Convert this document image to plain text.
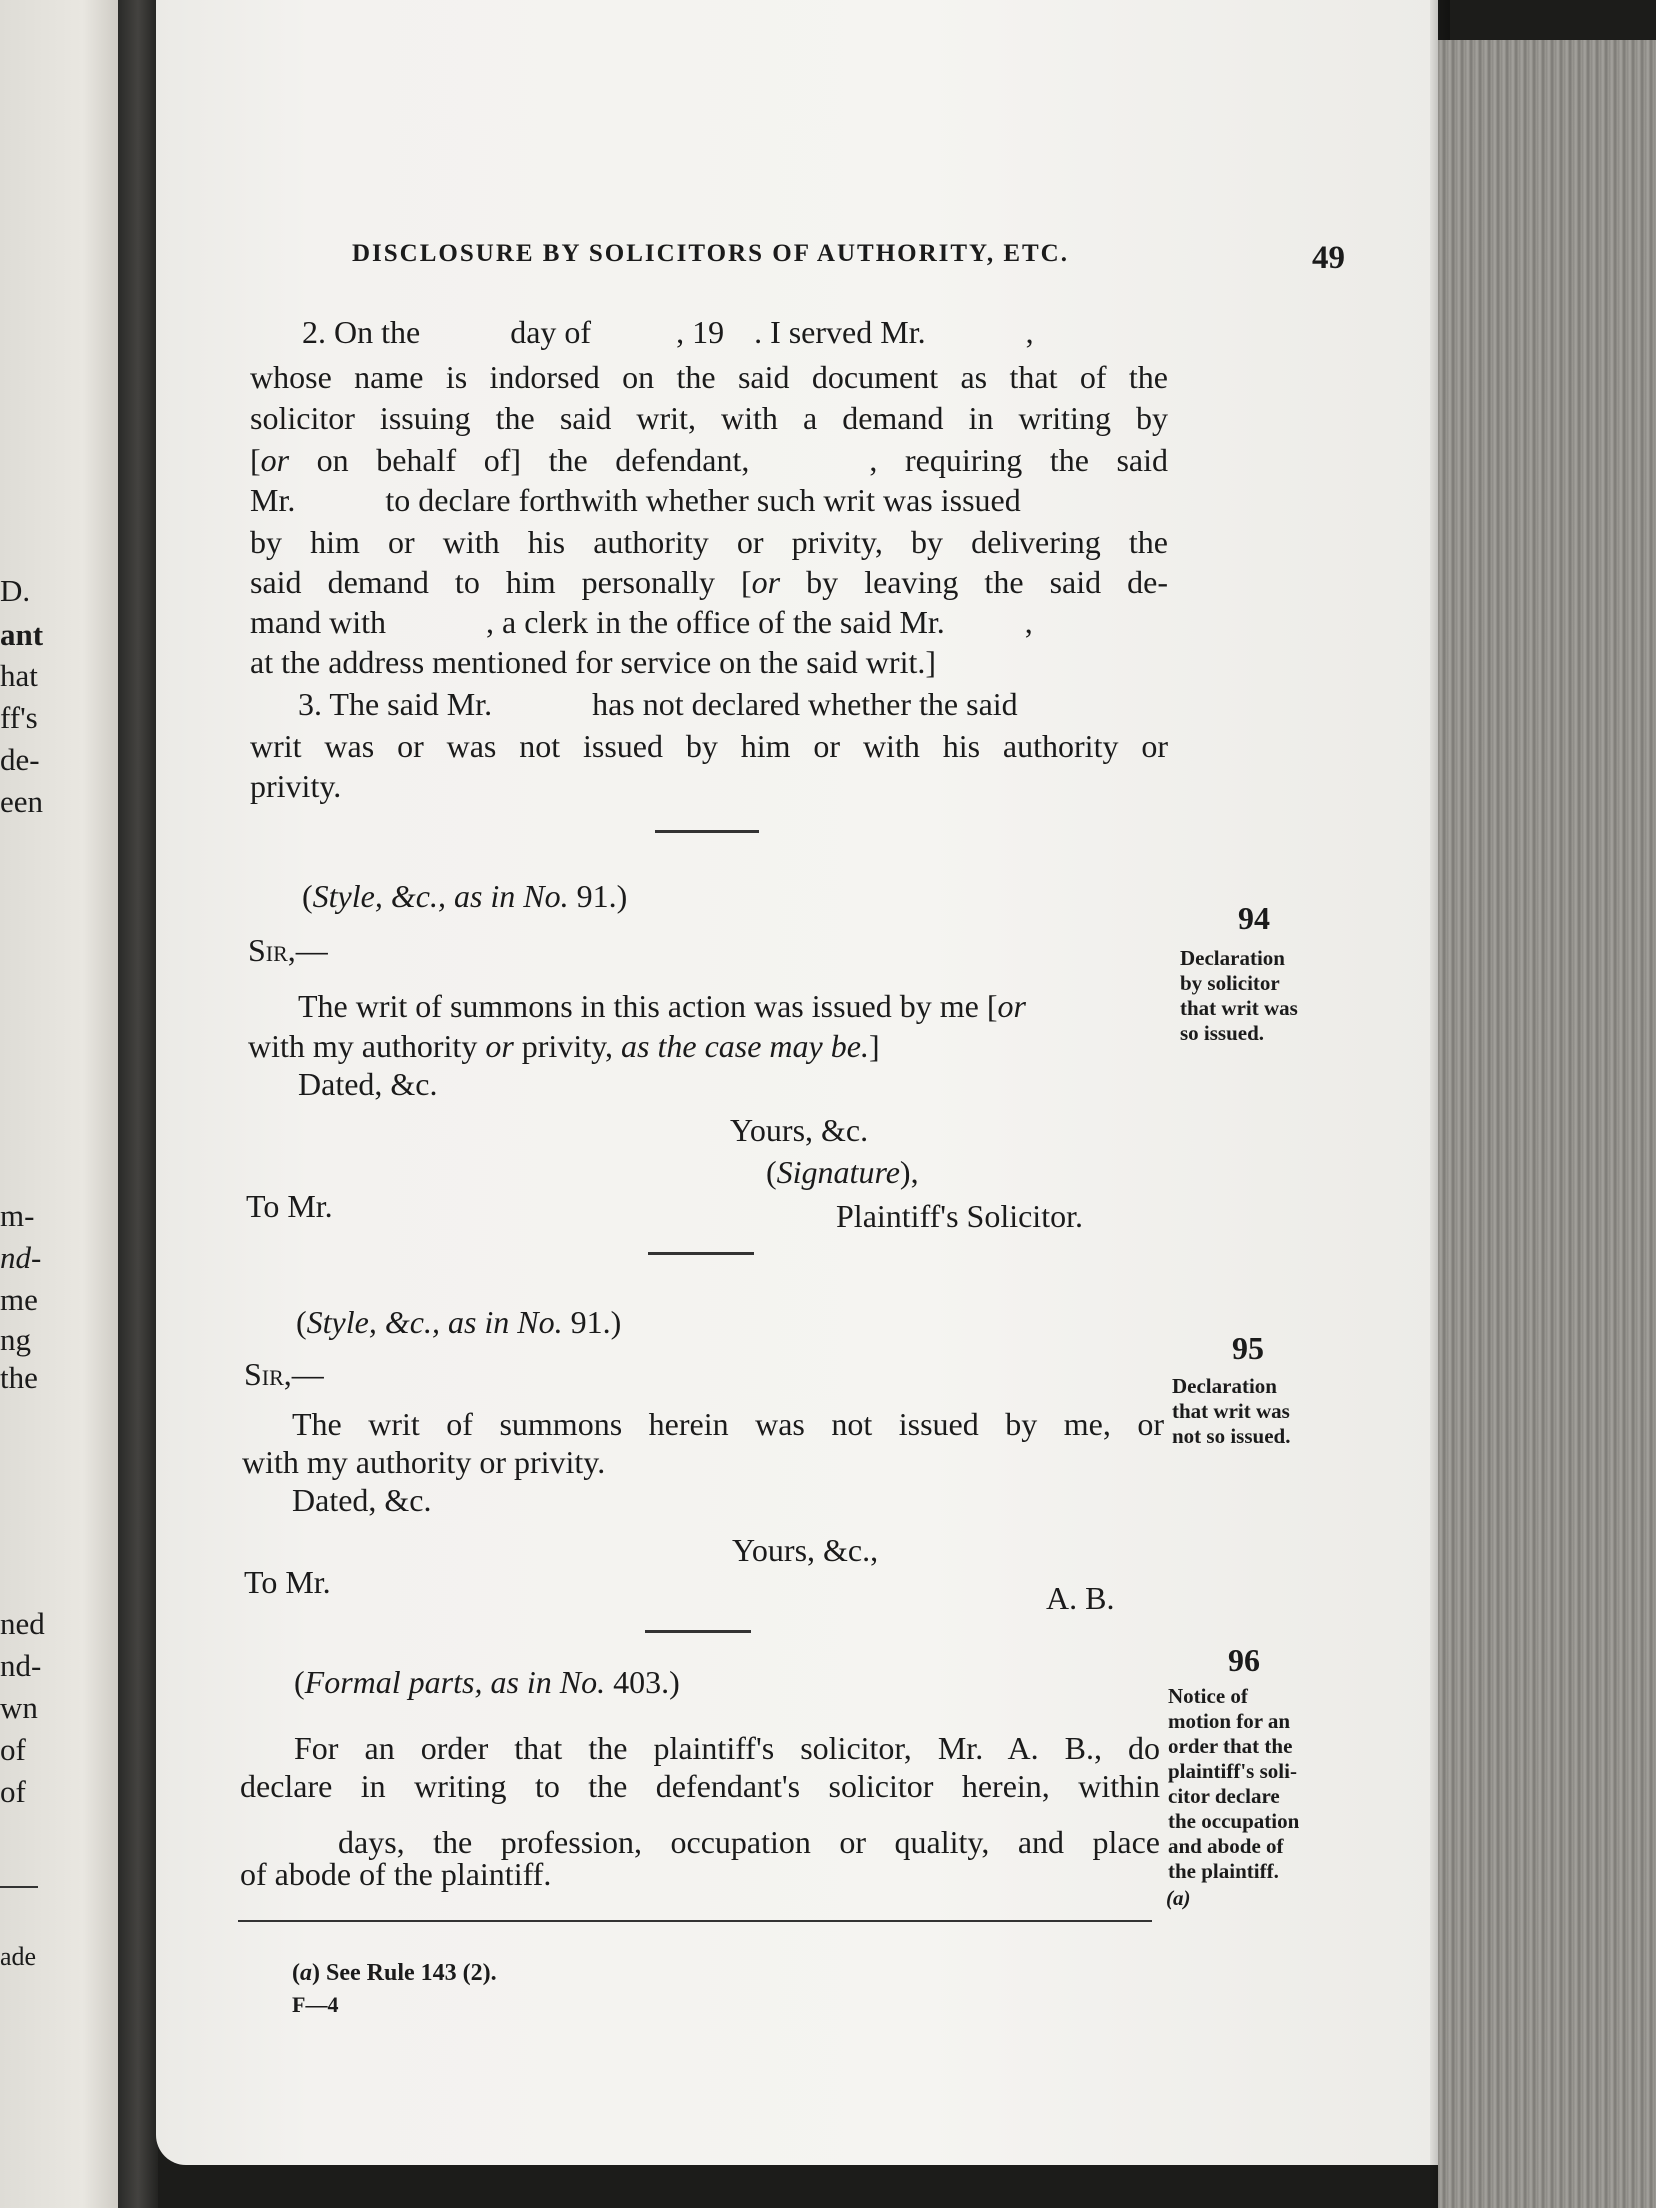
D.
ant
hat
ff's
de-
een
m-
nd-
me
ng
the
ned
nd-
wn
of
of
ade
DISCLOSURE BY SOLICITORS OF AUTHORITY, ETC.	49
2. On the	day of	, 19 . I served Mr.	,
whose name is indorsed on the said document as that of the
solicitor issuing the said writ, with a demand in writing by
[or on behalf of] the defendant,	, requiring the said
Mr.	to declare forthwith whether such writ was issued
by him or with his authority or privity, by delivering the
said demand to him personally [or by leaving the said de-
mand with	, a clerk in the office of the said Mr.	,
at the address mentioned for service on the said writ.]
3. The said Mr.	has not declared whether the said
writ was or was not issued by him or with his authority or
privity.
(Style, &c., as in No. 91.)
Sir,—
The writ of summons in this action was issued by me [or
with my authority or privity, as the case may be.]
Dated, &c.
Yours, &c.
(Signature),
To Mr.	Plaintiff's Solicitor.
94
Declaration
by solicitor
that writ was
so issued.
(Style, &c., as in No. 91.)
Sir,—
The writ of summons herein was not issued by me, or
with my authority or privity.
Dated, &c.
Yours, &c.,
To Mr.	A. B.
95
Declaration
that writ was
not so issued.
(Formal parts, as in No. 403.)
For an order that the plaintiff's solicitor, Mr. A. B., do
declare in writing to the defendant's solicitor herein, within
days, the profession, occupation or quality, and place
of abode of the plaintiff.
96
Notice of
motion for an
order that the
plaintiff's soli-
citor declare
the occupation
and abode of
the plaintiff.
(a)
(a) See Rule 143 (2).
F—4
